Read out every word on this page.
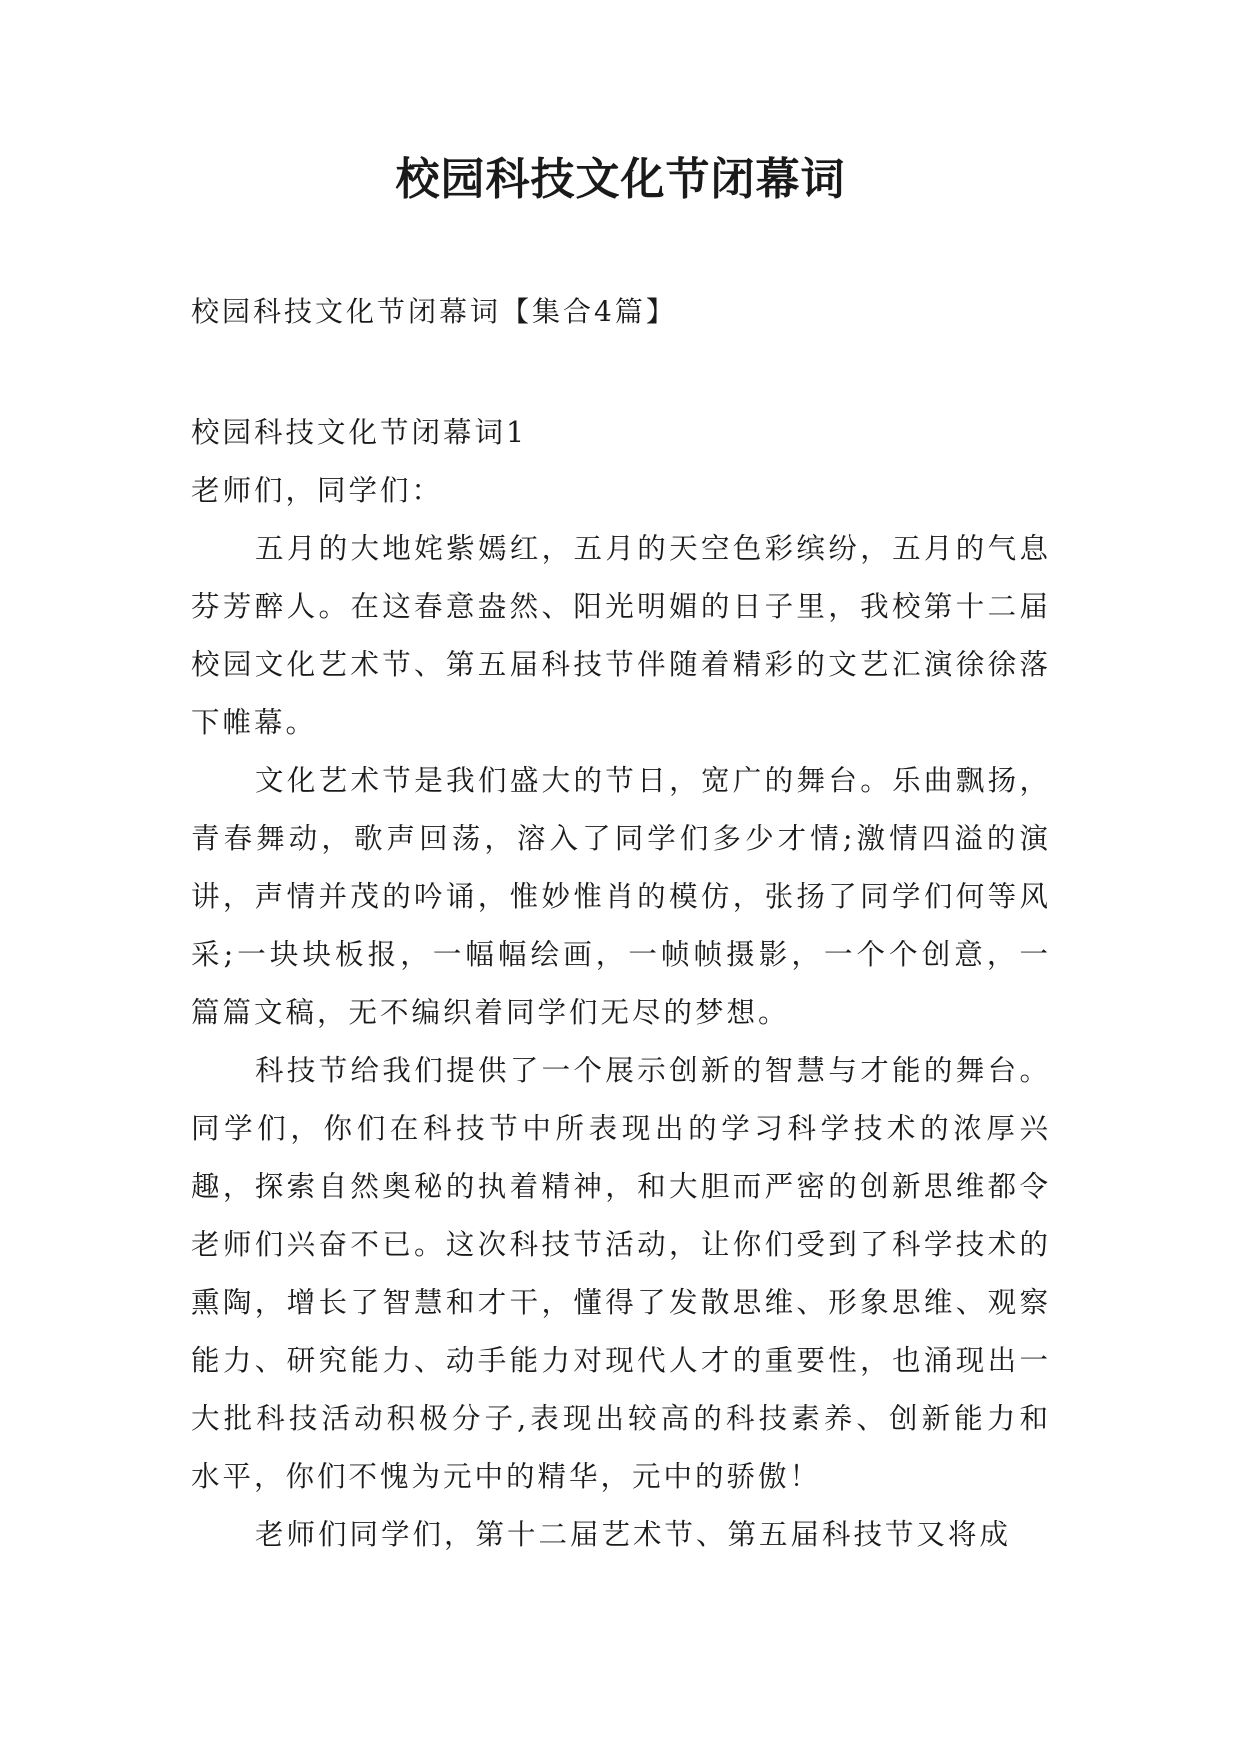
校园科技文化节闭幕词

校园科技文化节闭幕词【集合4篇】

校园科技文化节闭幕词1

老师们，同学们：

五月的大地姹紫嫣红，五月的天空色彩缤纷，五月的气息芬芳醉人。在这春意盎然、阳光明媚的日子里，我校第十二届校园文化艺术节、第五届科技节伴随着精彩的文艺汇演徐徐落下帷幕。

文化艺术节是我们盛大的节日，宽广的舞台。乐曲飘扬，青春舞动，歌声回荡，溶入了同学们多少才情;激情四溢的演讲，声情并茂的吟诵，惟妙惟肖的模仿，张扬了同学们何等风采;一块块板报，一幅幅绘画，一帧帧摄影，一个个创意，一篇篇文稿，无不编织着同学们无尽的梦想。

科技节给我们提供了一个展示创新的智慧与才能的舞台。同学们，你们在科技节中所表现出的学习科学技术的浓厚兴趣，探索自然奥秘的执着精神，和大胆而严密的创新思维都令老师们兴奋不已。这次科技节活动，让你们受到了科学技术的熏陶，增长了智慧和才干，懂得了发散思维、形象思维、观察能力、研究能力、动手能力对现代人才的重要性，也涌现出一大批科技活动积极分子,表现出较高的科技素养、创新能力和水平，你们不愧为元中的精华，元中的骄傲！

老师们同学们，第十二届艺术节、第五届科技节又将成
